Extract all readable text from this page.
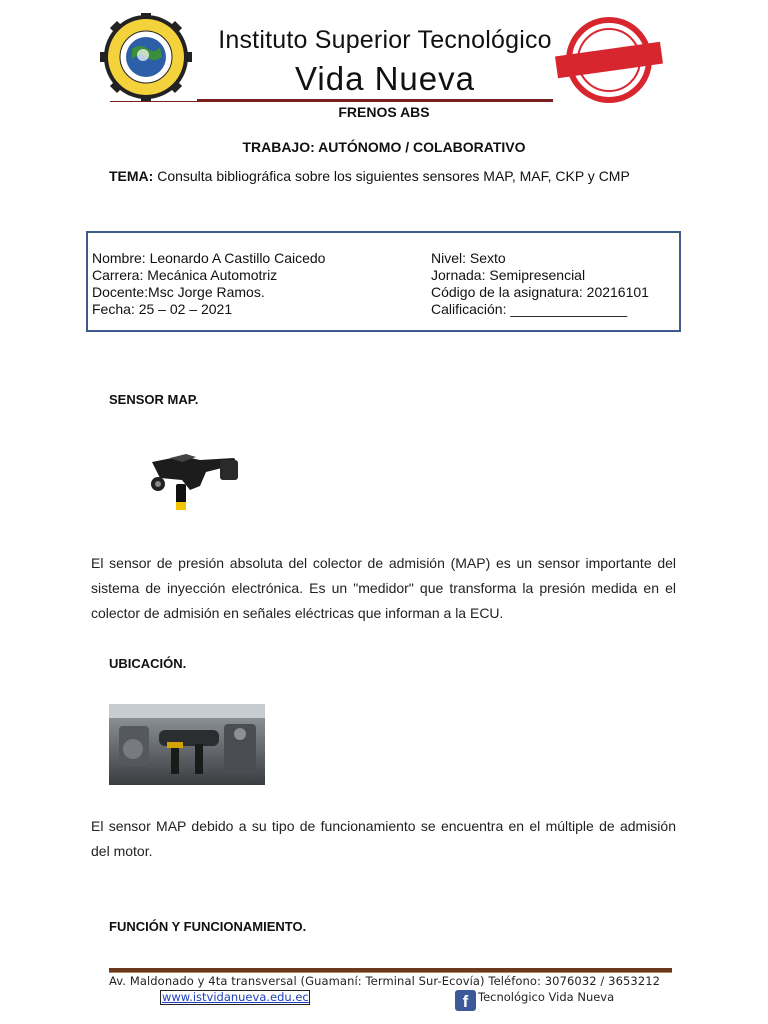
Instituto Superior Tecnológico
Vida Nueva
FRENOS ABS
TRABAJO: AUTÓNOMO / COLABORATIVO
TEMA: Consulta bibliográfica sobre los siguientes sensores MAP, MAF, CKP y CMP
Nombre: Leonardo A Castillo Caicedo
Carrera: Mecánica Automotriz
Docente:Msc Jorge Ramos.
Fecha: 25 – 02 – 2021
Nivel: Sexto
Jornada: Semipresencial
Código de la asignatura: 20216101
Calificación: _______________
SENSOR MAP.
El sensor de presión absoluta del colector de admisión (MAP) es un sensor importante del sistema de inyección electrónica. Es un "medidor" que transforma la presión medida en el colector de admisión en señales eléctricas que informan a la ECU.
UBICACIÓN.
El sensor MAP debido a su tipo de funcionamiento se encuentra en el múltiple de admisión del motor.
FUNCIÓN Y FUNCIONAMIENTO.
Av. Maldonado y 4ta transversal (Guamaní: Terminal Sur-Ecovía) Teléfono: 3076032 / 3653212
www.istvidanueva.edu.ec	f Tecnológico Vida Nueva
